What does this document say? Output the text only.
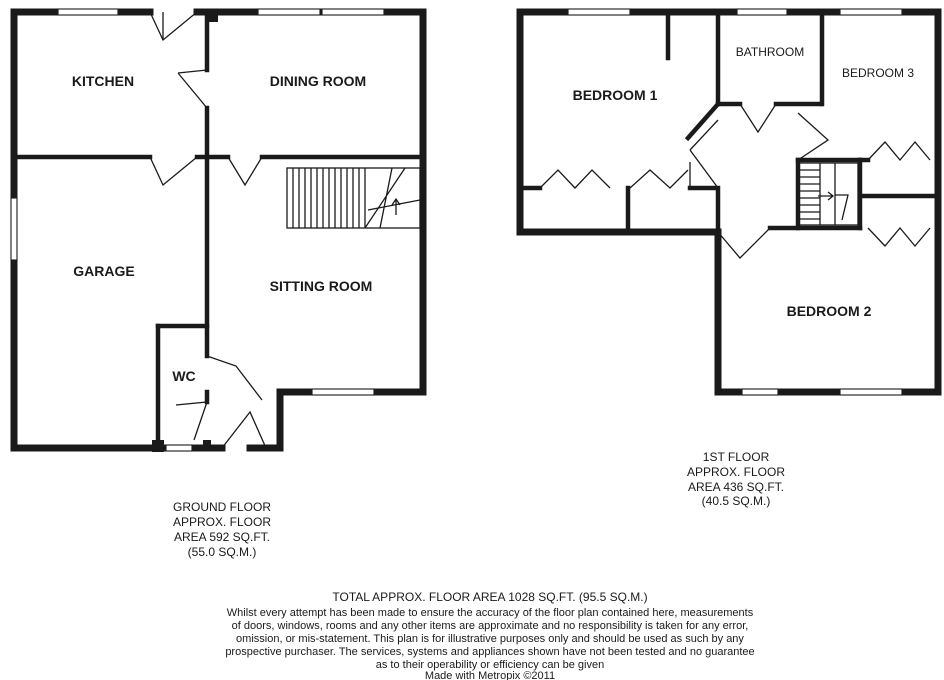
KITCHEN	DINING ROOM
GARAGE
SITTING ROOM
WC
GROUND FLOOR
APPROX. FLOOR
AREA 592 SQ.FT.
(55.0 SQ.M.)
BEDROOM 1
BATHROOM
BEDROOM 3
BEDROOM 2
1ST FLOOR
APPROX. FLOOR
AREA 436 SQ.FT.
(40.5 SQ.M.)
TOTAL APPROX. FLOOR AREA 1028 SQ.FT. (95.5 SQ.M.)
Whilst every attempt has been made to ensure the accuracy of the floor plan contained here, measurements
of doors, windows, rooms and any other items are approximate and no responsibility is taken for any error,
omission, or mis-statement. This plan is for illustrative purposes only and should be used as such by any
prospective purchaser. The services, systems and appliances shown have not been tested and no guarantee
as to their operability or efficiency can be given
Made with Metropix ©2011
